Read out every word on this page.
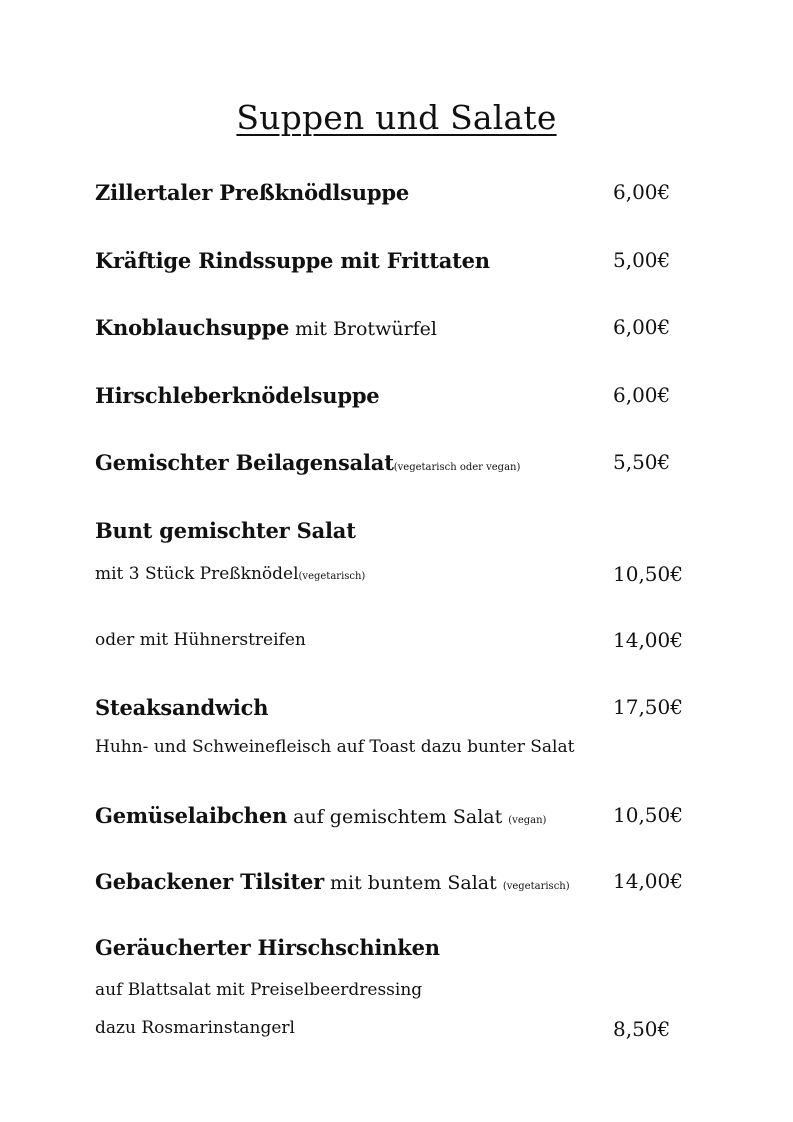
Suppen und Salate
Zillertaler Preßknödlsuppe	6,00€
Kräftige Rindssuppe mit Frittaten	5,00€
Knoblauchsuppe mit Brotwürfel	6,00€
Hirschleberknödelsuppe	6,00€
Gemischter Beilagensalat(vegetarisch oder vegan)	5,50€
Bunt gemischter Salat
mit 3 Stück Preßknödel(vegetarisch)	10,50€
oder mit Hühnerstreifen	14,00€
Steaksandwich	17,50€
Huhn- und Schweinefleisch auf Toast dazu bunter Salat
Gemüselaibchen auf gemischtem Salat (vegan)	10,50€
Gebackener Tilsiter mit buntem Salat (vegetarisch) 14,00€
Geräucherter Hirschschinken
auf Blattsalat mit Preiselbeerdressing
dazu Rosmarinstangerl	8,50€
